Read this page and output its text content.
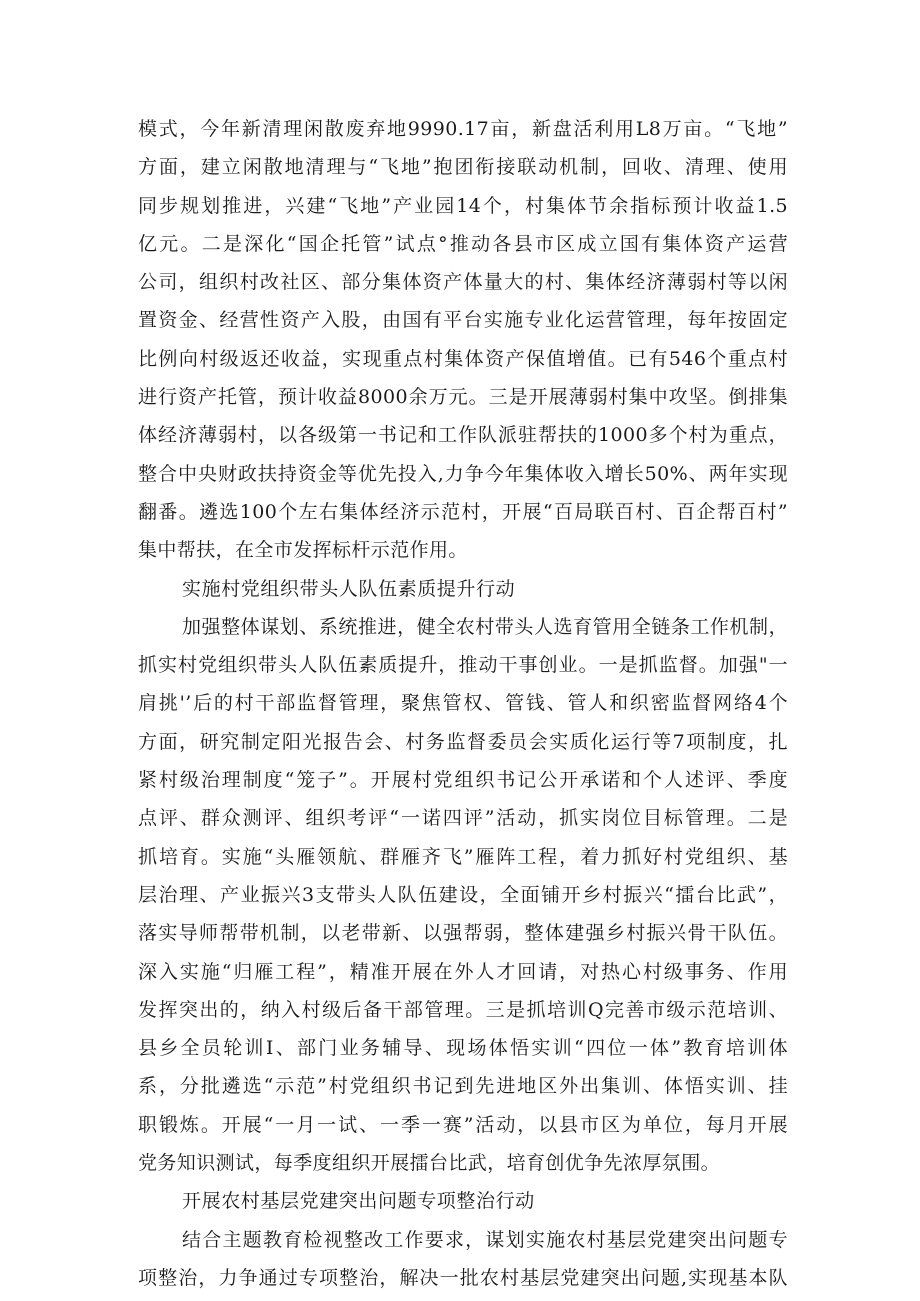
模式，今年新清理闲散废弃地9990.17亩，新盘活利用L8万亩。“飞地”
方面，建立闲散地清理与“飞地”抱团衔接联动机制，回收、清理、使用
同步规划推进，兴建“飞地”产业园14个，村集体节余指标预计收益1.5
亿元。二是深化“国企托管”试点°推动各县市区成立国有集体资产运营
公司，组织村改社区、部分集体资产体量大的村、集体经济薄弱村等以闲
置资金、经营性资产入股，由国有平台实施专业化运营管理，每年按固定
比例向村级返还收益，实现重点村集体资产保值增值。已有546个重点村
进行资产托管，预计收益8000余万元。三是开展薄弱村集中攻坚。倒排集
体经济薄弱村，以各级第一书记和工作队派驻帮扶的1000多个村为重点，
整合中央财政扶持资金等优先投入,力争今年集体收入增长50%、两年实现
翻番。遴选100个左右集体经济示范村，开展“百局联百村、百企帮百村”
集中帮扶，在全市发挥标杆示范作用。
实施村党组织带头人队伍素质提升行动
加强整体谋划、系统推进，健全农村带头人选育管用全链条工作机制，
抓实村党组织带头人队伍素质提升，推动干事创业。一是抓监督。加强"一
肩挑'’后的村干部监督管理，聚焦管权、管钱、管人和织密监督网络4个
方面，研究制定阳光报告会、村务监督委员会实质化运行等7项制度，扎
紧村级治理制度“笼子”。开展村党组织书记公开承诺和个人述评、季度
点评、群众测评、组织考评“一诺四评”活动，抓实岗位目标管理。二是
抓培育。实施“头雁领航、群雁齐飞”雁阵工程，着力抓好村党组织、基
层治理、产业振兴3支带头人队伍建设，全面铺开乡村振兴“擂台比武”，
落实导师帮带机制，以老带新、以强帮弱，整体建强乡村振兴骨干队伍。
深入实施“归雁工程”，精准开展在外人才回请，对热心村级事务、作用
发挥突出的，纳入村级后备干部管理。三是抓培训Q完善市级示范培训、
县乡全员轮训I、部门业务辅导、现场体悟实训“四位一体”教育培训体
系，分批遴选“示范”村党组织书记到先进地区外出集训、体悟实训、挂
职锻炼。开展“一月一试、一季一赛”活动，以县市区为单位，每月开展
党务知识测试，每季度组织开展擂台比武，培育创优争先浓厚氛围。
开展农村基层党建突出问题专项整治行动
结合主题教育检视整改工作要求，谋划实施农村基层党建突出问题专
项整治，力争通过专项整治，解决一批农村基层党建突出问题,实现基本队
